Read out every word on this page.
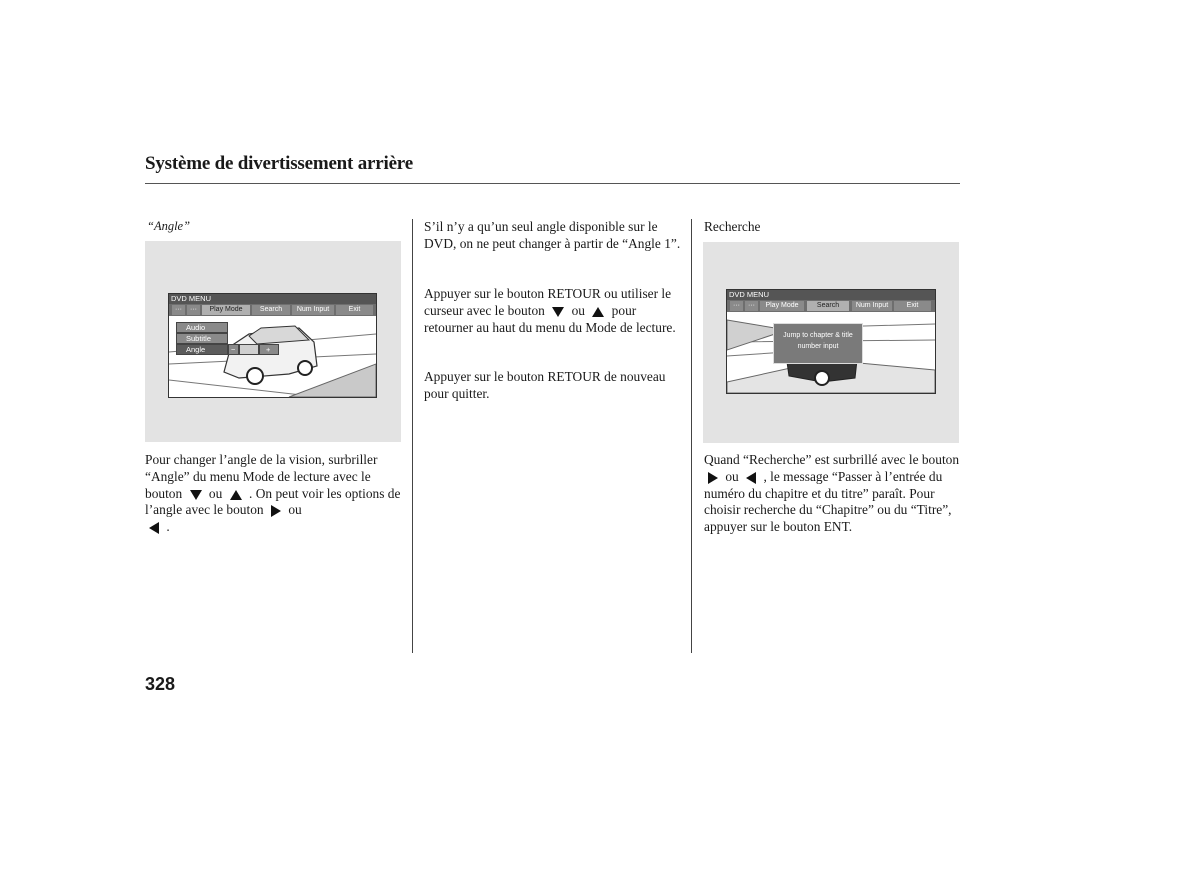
Système de divertissement arrière
“Angle”
DVD MENU
···	···	Play Mode	Search	Num Input	Exit
Audio
Subtitle
Angle	−	+
Pour changer l’angle de la vision, surbriller “Angle” du menu Mode de lecture avec le bouton ou . On peut voir les options de l’angle avec le bouton ou
.
S’il n’y a qu’un seul angle disponible sur le DVD, on ne peut changer à partir de “Angle 1”.
Appuyer sur le bouton RETOUR ou utiliser le curseur avec le bouton ou pour retourner au haut du menu du Mode de lecture.
Appuyer sur le bouton RETOUR de nouveau pour quitter.
Recherche
DVD MENU
···	···	Play Mode	Search	Num Input	Exit
Jump to chapter & title
number input
Quand “Recherche” est surbrillé avec le bouton  ou , le message “Passer à l’entrée du numéro du chapitre et du titre” paraît. Pour choisir recherche du “Chapitre” ou du “Titre”, appuyer sur le bouton ENT.
328
